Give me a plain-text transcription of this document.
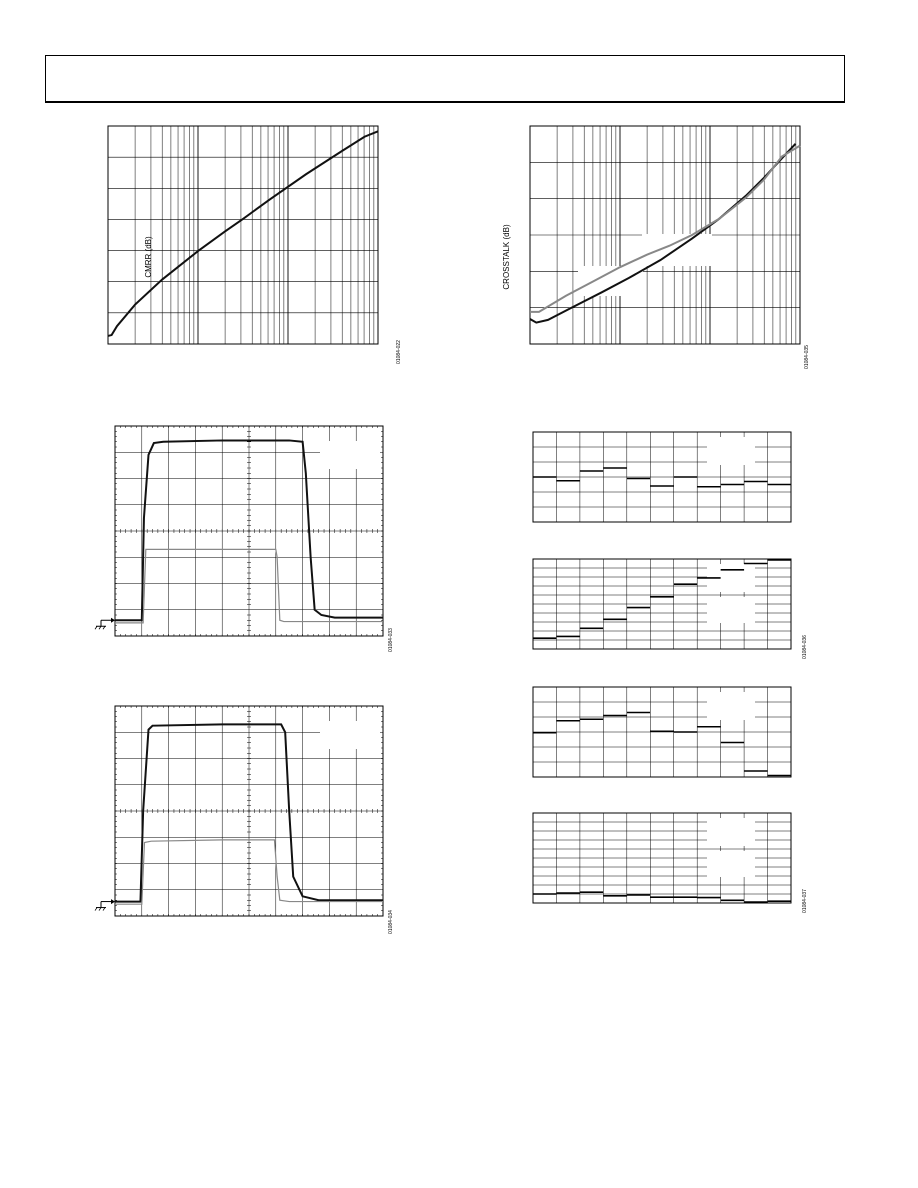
CMRR (dB)
01084-022
CROSSTALK (dB)
01084-035
01084-033
01084-034
01084-036
01084-037
